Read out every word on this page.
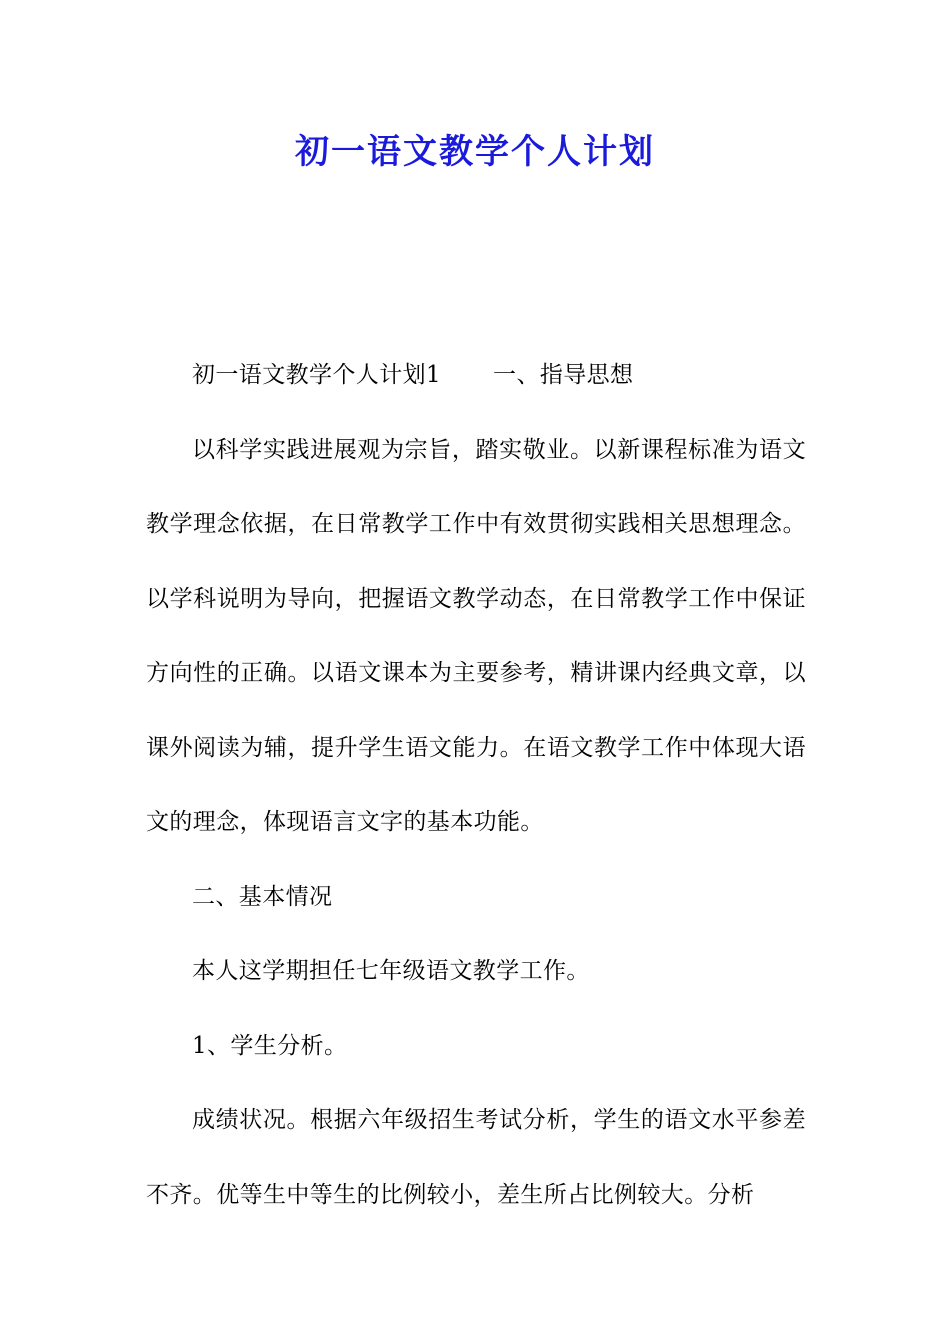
初一语文教学个人计划

初一语文教学个人计划1 一、指导思想

以科学实践进展观为宗旨，踏实敬业。以新课程标准为语文教学理念依据，在日常教学工作中有效贯彻实践相关思想理念。以学科说明为导向，把握语文教学动态，在日常教学工作中保证方向性的正确。以语文课本为主要参考，精讲课内经典文章，以课外阅读为辅，提升学生语文能力。在语文教学工作中体现大语文的理念，体现语言文字的基本功能。

二、基本情况

本人这学期担任七年级语文教学工作。

1、学生分析。

成绩状况。根据六年级招生考试分析，学生的语文水平参差不齐。优等生中等生的比例较小，差生所占比例较大。分析
